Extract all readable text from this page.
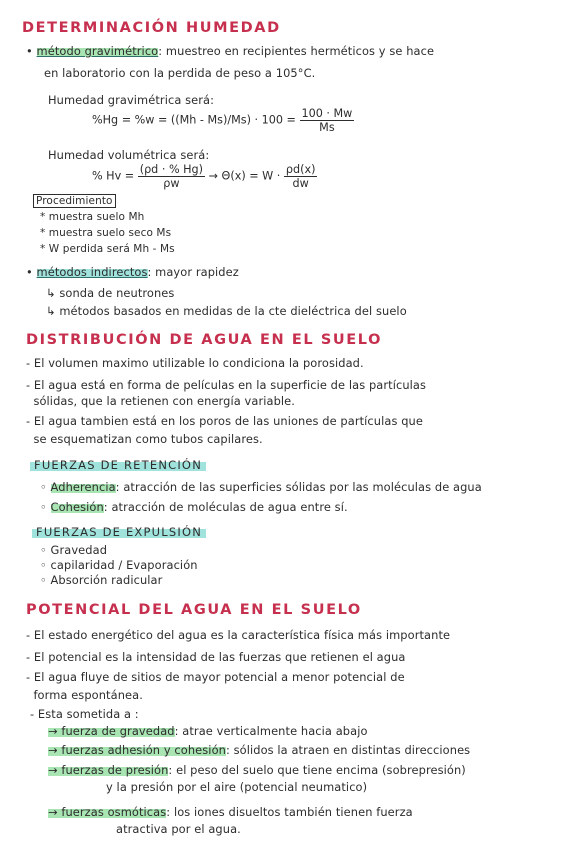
DETERMINACIÓN HUMEDAD
• método gravimétrico: muestreo en recipientes herméticos y se hace
en laboratorio con la perdida de peso a 105°C.
Humedad gravimétrica será:
$\%Hg = \%w = ((Mh - Ms)/Ms) \cdot 100 = \frac{100 \cdot Mw}{Ms}$
Humedad volumétrica será:
% $Hv = \frac{(\rho d \cdot \% Hg)}{\rho w} \to \Theta(x) = W \cdot \frac{\rho d(x)}{dw}$
Procedimiento
* muestra suelo Mh
* muestra suelo seco Ms
* W perdida será Mh - Ms
• métodos indirectos: mayor rapidez
↳ sonda de neutrones
↳ métodos basados en medidas de la cte dieléctrica del suelo
DISTRIBUCIÓN DE AGUA EN EL SUELO
- El volumen maximo utilizable lo condiciona la porosidad.
- El agua está en forma de películas en la superficie de las partículas
sólidas, que la retienen con energía variable.
- El agua tambien está en los poros de las uniones de partículas que
se esquematizan como tubos capilares.
FUERZAS DE RETENCIÓN
◦ Adherencia: atracción de las superficies sólidas por las moléculas de agua
◦ Cohesión: atracción de moléculas de agua entre sí.
FUERZAS DE EXPULSIÓN
◦ Gravedad
◦ capilaridad / Evaporación
◦ Absorción radicular
POTENCIAL DEL AGUA EN EL SUELO
- El estado energético del agua es la característica física más importante
- El potencial es la intensidad de las fuerzas que retienen el agua
- El agua fluye de sitios de mayor potencial a menor potencial de
forma espontánea.
- Esta sometida a :
→ fuerza de gravedad: atrae verticalmente hacia abajo
→ fuerzas adhesión y cohesión: sólidos la atraen en distintas direcciones
→ fuerzas de presión: el peso del suelo que tiene encima (sobrepresión)
y la presión por el aire (potencial neumatico)
→ fuerzas osmóticas: los iones disueltos también tienen fuerza
atractiva por el agua.
